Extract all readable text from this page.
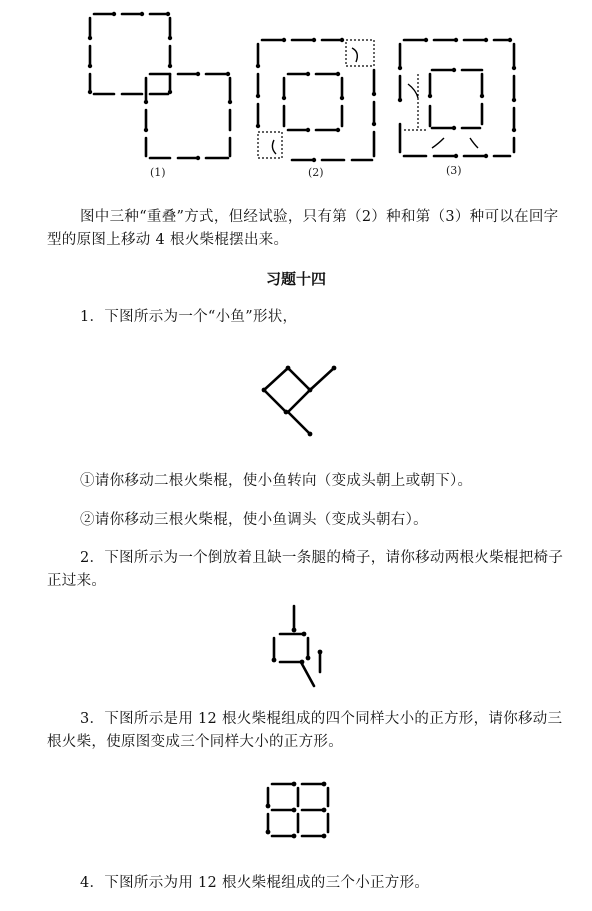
(1)	(2)	(3)
图中三种“重叠”方式，但经试验，只有第（2）种和第（3）种可以在回字型的原图上移动 4 根火柴棍摆出来。
习题十四
1．下图所示为一个“小鱼”形状，
①请你移动二根火柴棍，使小鱼转向（变成头朝上或朝下）。
②请你移动三根火柴棍，使小鱼调头（变成头朝右）。
2．下图所示为一个倒放着且缺一条腿的椅子，请你移动两根火柴棍把椅子正过来。
3．下图所示是用 12 根火柴棍组成的四个同样大小的正方形，请你移动三根火柴，使原图变成三个同样大小的正方形。
4．下图所示为用 12 根火柴棍组成的三个小正方形。
